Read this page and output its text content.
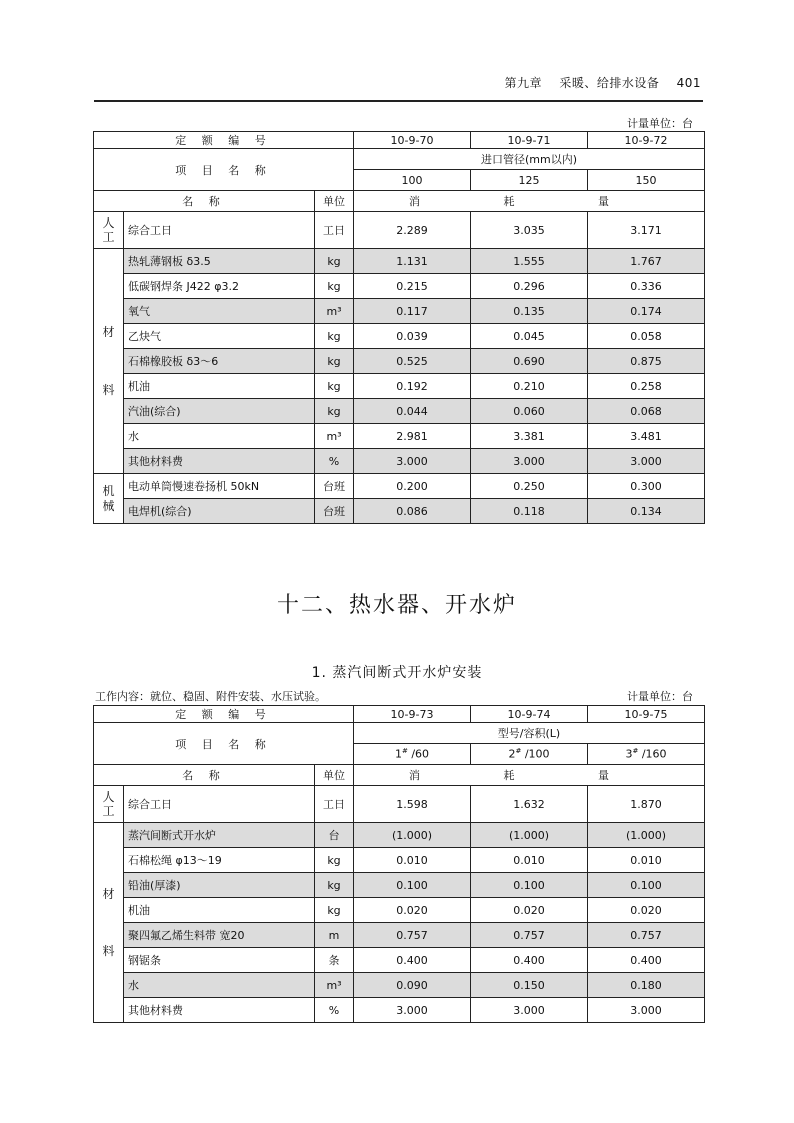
第九章 采暖、给排水设备 401
计量单位：台
定 额 编 号			10-9-70	10-9-71	10-9-72
项 目 名 称			进口管径(mm以内)		
			100	125	150
名 称		单位	消 耗 量		

人
工	综合工日	工日	2.289	3.035	3.171

材

料	热轧薄钢板 δ3.5	kg	1.131	1.555	1.767
	低碳钢焊条 J422 φ3.2	kg	0.215	0.296	0.336
	氧气	m³	0.117	0.135	0.174
	乙炔气	kg	0.039	0.045	0.058
	石棉橡胶板 δ3～6	kg	0.525	0.690	0.875
	机油	kg	0.192	0.210	0.258
	汽油(综合)	kg	0.044	0.060	0.068
	水	m³	2.981	3.381	3.481
	其他材料费	%	3.000	3.000	3.000

机
械	电动单筒慢速卷扬机 50kN	台班	0.200	0.250	0.300
	电焊机(综合)	台班	0.086	0.118	0.134
十二、热水器、开水炉
1. 蒸汽间断式开水炉安装
工作内容：就位、稳固、附件安装、水压试验。	计量单位：台
定 额 编 号			10-9-73	10-9-74	10-9-75
项 目 名 称			型号/容积(L)		
			1# /60	2# /100	3# /160
名 称		单位	消 耗 量		

人
工	综合工日	工日	1.598	1.632	1.870

材

料	蒸汽间断式开水炉	台	(1.000)	(1.000)	(1.000)
	石棉松绳 φ13～19	kg	0.010	0.010	0.010
	铅油(厚漆)	kg	0.100	0.100	0.100
	机油	kg	0.020	0.020	0.020
	聚四氟乙烯生料带 宽20	m	0.757	0.757	0.757
	钢锯条	条	0.400	0.400	0.400
	水	m³	0.090	0.150	0.180
	其他材料费	%	3.000	3.000	3.000
